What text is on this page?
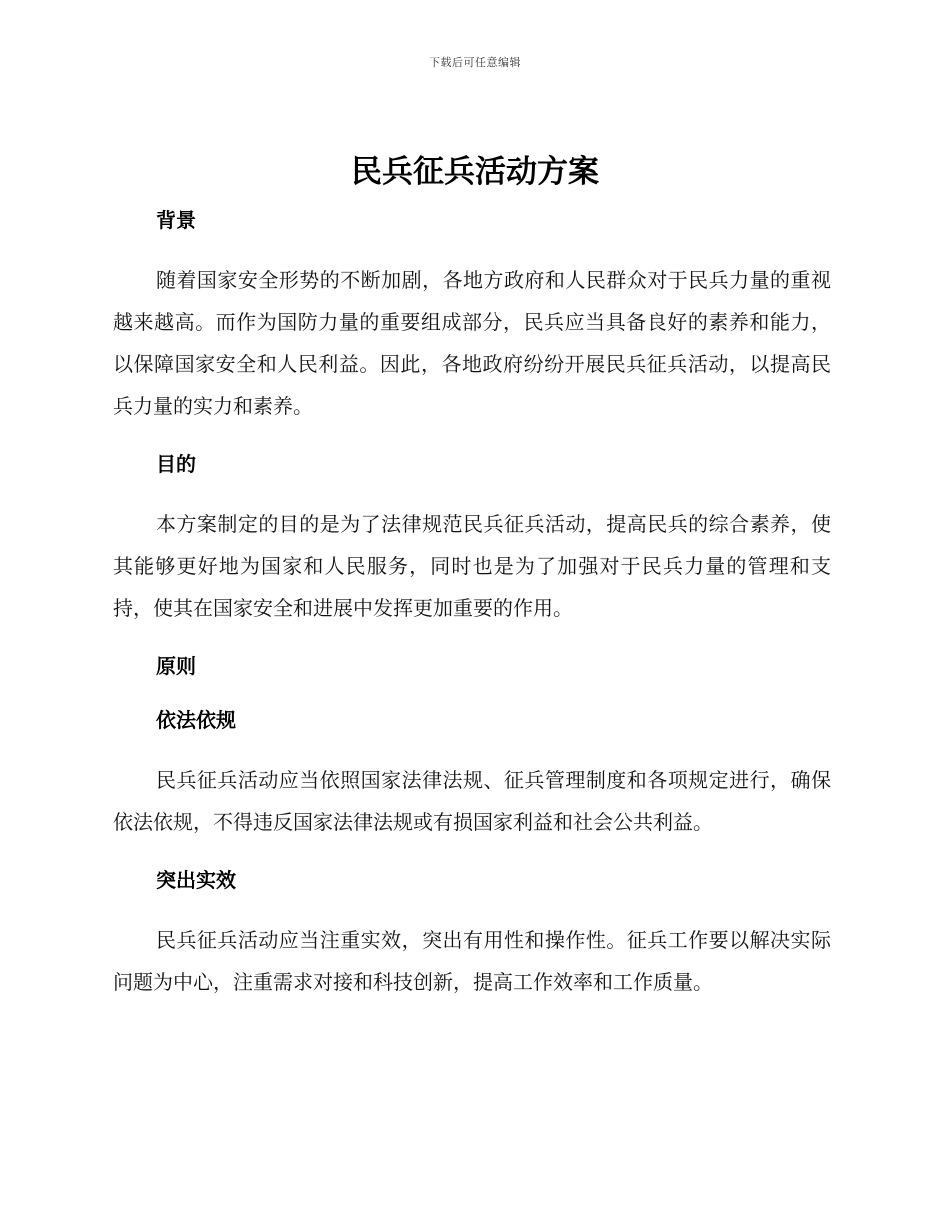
下载后可任意编辑
民兵征兵活动方案
背景

随着国家安全形势的不断加剧，各地方政府和人民群众对于民兵力量的重视越来越高。而作为国防力量的重要组成部分，民兵应当具备良好的素养和能力，以保障国家安全和人民利益。因此，各地政府纷纷开展民兵征兵活动，以提高民兵力量的实力和素养。

目的

本方案制定的目的是为了法律规范民兵征兵活动，提高民兵的综合素养，使其能够更好地为国家和人民服务，同时也是为了加强对于民兵力量的管理和支持，使其在国家安全和进展中发挥更加重要的作用。

原则
依法依规

民兵征兵活动应当依照国家法律法规、征兵管理制度和各项规定进行，确保依法依规，不得违反国家法律法规或有损国家利益和社会公共利益。

突出实效

民兵征兵活动应当注重实效，突出有用性和操作性。征兵工作要以解决实际问题为中心，注重需求对接和科技创新，提高工作效率和工作质量。
